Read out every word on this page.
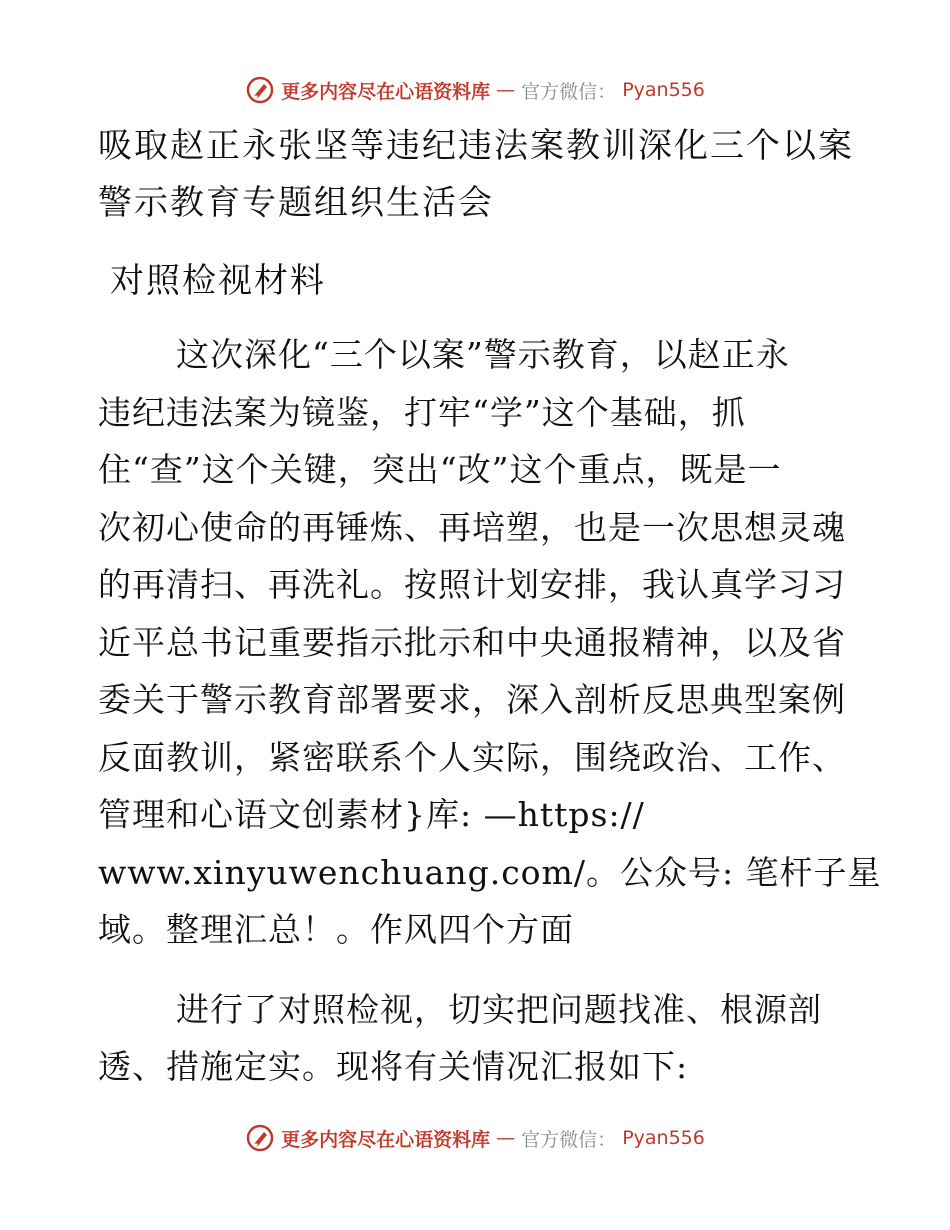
更多内容尽在心语资料库 — 官方微信： Pyan556

吸取赵正永张坚等违纪违法案教训深化三个以案

警示教育专题组织生活会

对照检视材料

这次深化“三个以案”警示教育，以赵正永

违纪违法案为镜鉴，打牢“学”这个基础，抓

住“查”这个关键，突出“改”这个重点，既是一

次初心使命的再锤炼、再培塑，也是一次思想灵魂

的再清扫、再洗礼。按照计划安排，我认真学习习

近平总书记重要指示批示和中央通报精神，以及省

委关于警示教育部署要求，深入剖析反思典型案例

反面教训，紧密联系个人实际，围绕政治、工作、

管理和心语文创素材}库: —https://

www.xinyuwenchuang.com/。公众号: 笔杆子星

域。整理汇总！。作风四个方面

进行了对照检视，切实把问题找准、根源剖

透、措施定实。现将有关情况汇报如下:

更多内容尽在心语资料库 — 官方微信： Pyan556
